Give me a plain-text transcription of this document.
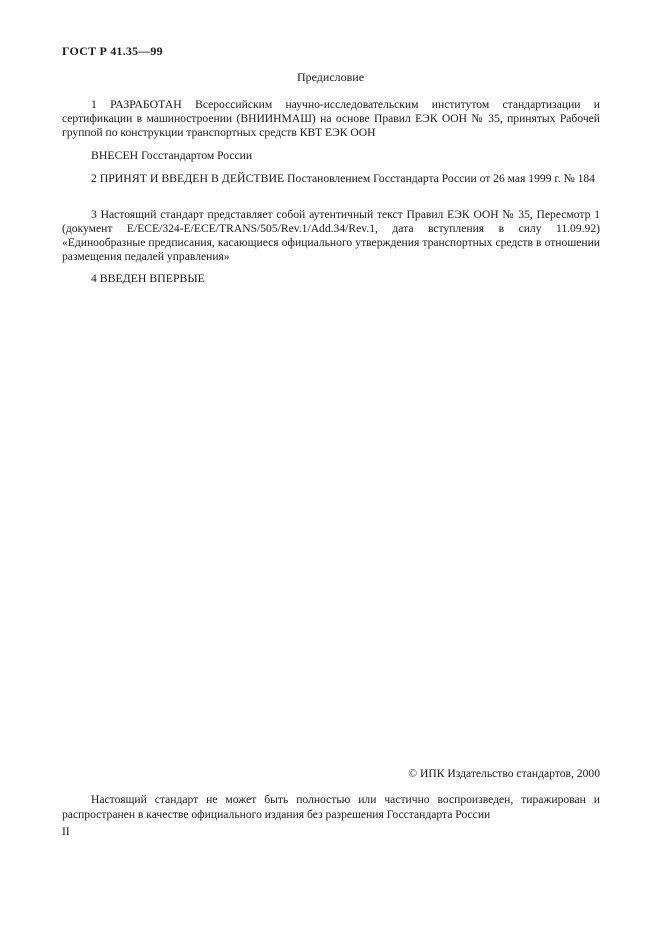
ГОСТ Р 41.35—99
Предисловие
1 РАЗРАБОТАН Всероссийским научно-исследовательским институтом стандартизации и сертификации в машиностроении (ВНИИНМАШ) на основе Правил ЕЭК ООН № 35, принятых Рабочей группой по конструкции транспортных средств КВТ ЕЭК ООН
ВНЕСЕН Госстандартом России
2 ПРИНЯТ И ВВЕДЕН В ДЕЙСТВИЕ Постановлением Госстандарта России от 26 мая 1999 г. № 184
3 Настоящий стандарт представляет собой аутентичный текст Правил ЕЭК ООН № 35, Пересмотр 1 (документ E/ECE/324-E/ECE/TRANS/505/Rev.1/Add.34/Rev.1, дата вступления в силу 11.09.92) «Единообразные предписания, касающиеся официального утверждения транспортных средств в отношении размещения педалей управления»
4 ВВЕДЕН ВПЕРВЫЕ
© ИПК Издательство стандартов, 2000
Настоящий стандарт не может быть полностью или частично воспроизведен, тиражирован и распространен в качестве официального издания без разрешения Госстандарта России
II
